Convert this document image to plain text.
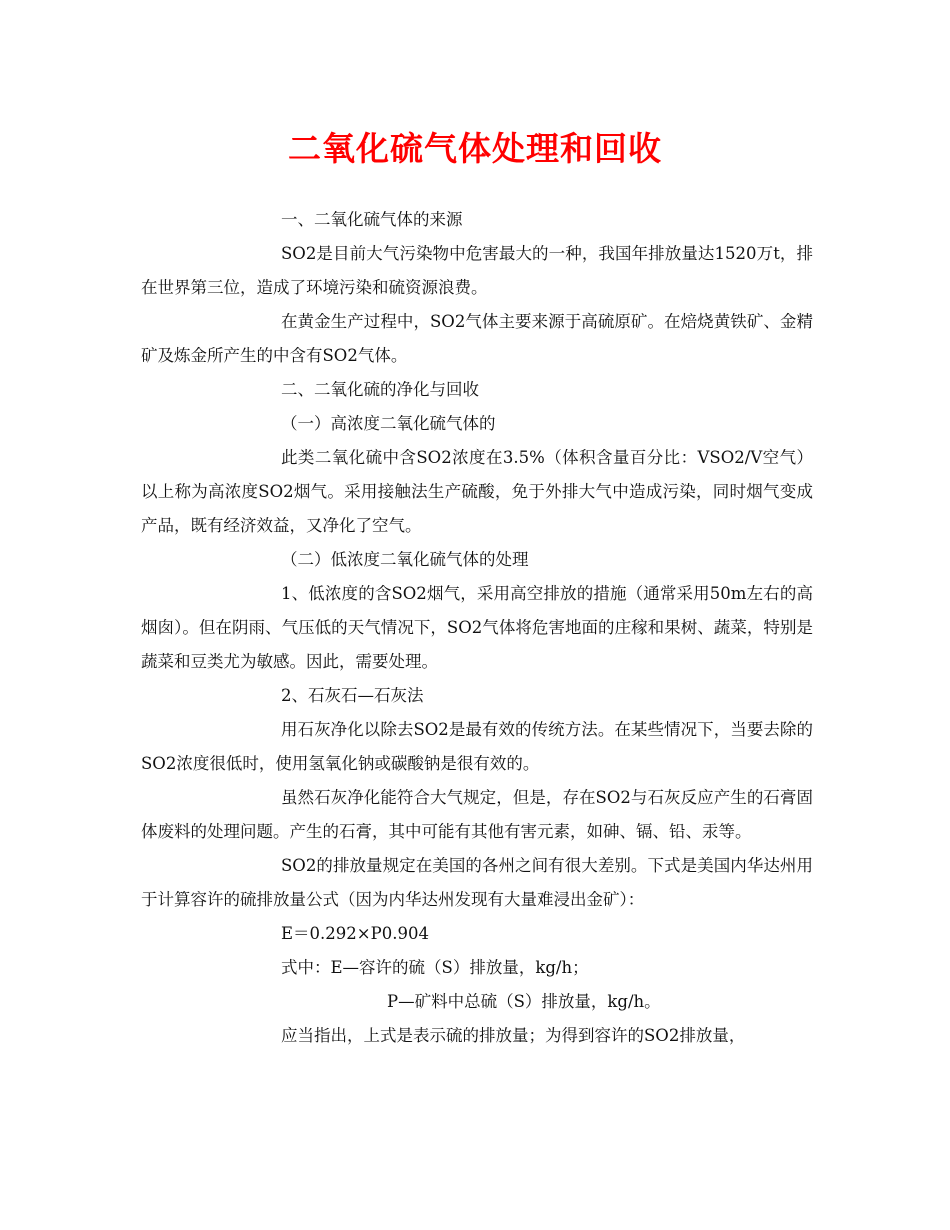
二氧化硫气体处理和回收

一、二氧化硫气体的来源

SO2是目前大气污染物中危害最大的一种，我国年排放量达1520万t，排在世界第三位，造成了环境污染和硫资源浪费。

在黄金生产过程中，SO2气体主要来源于高硫原矿。在焙烧黄铁矿、金精矿及炼金所产生的中含有SO2气体。

二、二氧化硫的净化与回收

（一）高浓度二氧化硫气体的

此类二氧化硫中含SO2浓度在3.5%（体积含量百分比：VSO2/V空气）以上称为高浓度SO2烟气。采用接触法生产硫酸，免于外排大气中造成污染，同时烟气变成产品，既有经济效益，又净化了空气。

（二）低浓度二氧化硫气体的处理

1、低浓度的含SO2烟气，采用高空排放的措施（通常采用50m左右的高烟囱）。但在阴雨、气压低的天气情况下，SO2气体将危害地面的庄稼和果树、蔬菜，特别是蔬菜和豆类尤为敏感。因此，需要处理。

2、石灰石—石灰法

用石灰净化以除去SO2是最有效的传统方法。在某些情况下，当要去除的SO2浓度很低时，使用氢氧化钠或碳酸钠是很有效的。

虽然石灰净化能符合大气规定，但是，存在SO2与石灰反应产生的石膏固体废料的处理问题。产生的石膏，其中可能有其他有害元素，如砷、镉、铅、汞等。

SO2的排放量规定在美国的各州之间有很大差别。下式是美国内华达州用于计算容许的硫排放量公式（因为内华达州发现有大量难浸出金矿）：

E＝0.292×P0.904

式中：E—容许的硫（S）排放量，kg/h；

P—矿料中总硫（S）排放量，kg/h。

应当指出，上式是表示硫的排放量；为得到容许的SO2排放量，
